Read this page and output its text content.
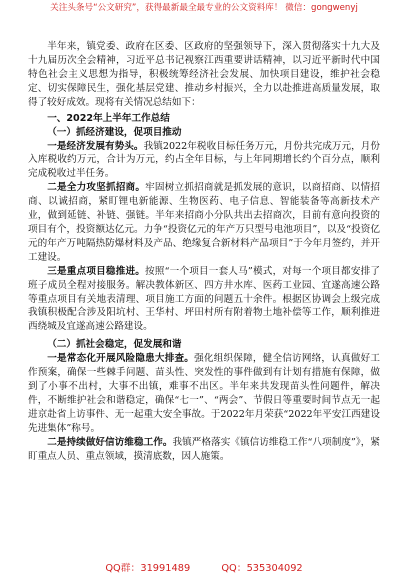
关注头条号“公文研究”，获得最新最全最专业的公文资料库！ 微信：gongwenyj

半年来，镇党委、政府在区委、区政府的坚强领导下，深入贯彻落实十九大及十九届历次全会精神，习近平总书记视察江西重要讲话精神，以习近平新时代中国特色社会主义思想为指导，积极统筹经济社会发展、加快项目建设，维护社会稳定、切实保障民生，强化基层党建、推动乡村振兴，全力以赴推进高质量发展，取得了较好成效。现将有关情况总结如下：

一、2022年上半年工作总结
（一）抓经济建设，促项目推动

一是经济发展有势头。我镇2022年税收目标任务万元，月份共完成万元，月份入库税收约万元，合计为万元，约占全年目标，与上年同期增长约个百分点，顺利完成税收过半任务。

二是全力攻坚抓招商。牢固树立抓招商就是抓发展的意识，以商招商、以情招商、以诚招商，紧盯锂电新能源、生物医药、电子信息、智能装备等高新技术产业，做到延链、补链、强链。半年来招商小分队共出去招商次，目前有意向投资的项目有个，投资额达亿元。力争“投资亿元的年产万只型号电池项目”，以及“投资亿元的年产万吨隔热防爆材料及产品、绝缘复合新材料产品项目”于今年月签约，并开工建设。

三是重点项目稳推进。按照“一个项目一套人马”模式，对每一个项目都安排了班子成员全程对接服务。解决教体新区、四方井水库、医药工业园、宜遂高速公路等重点项目有关地表清理、项目施工方面的问题五十余件。根据区协调会上级完成我镇积极配合涉及阳坑村、王华村、坪田村所有附着物土地补偿等工作，顺利推进西绕城及宜遂高速公路建设。

（二）抓社会稳定，促发展和谐

一是常态化开展风险隐患大排查。强化组织保障，健全信访网络，认真做好工作预案，确保一些棘手问题、苗头性、突发性的事件做到有计划有措施有保障，做到了小事不出村，大事不出镇，难事不出区。半年来共发现苗头性问题件，解决件，不断维护社会和谐稳定，确保“七一”、“两会”、节假日等重要时间节点无一起进京赴省上访事件、无一起重大安全事故。于2022年月荣获“2022年平安江西建设先进集体”称号。

二是持续做好信访维稳工作。我镇严格落实《镇信访维稳工作“八项制度”》，紧盯重点人员、重点领域，摸清底数，因人施策。

QQ群：31991489	QQ：535304092
